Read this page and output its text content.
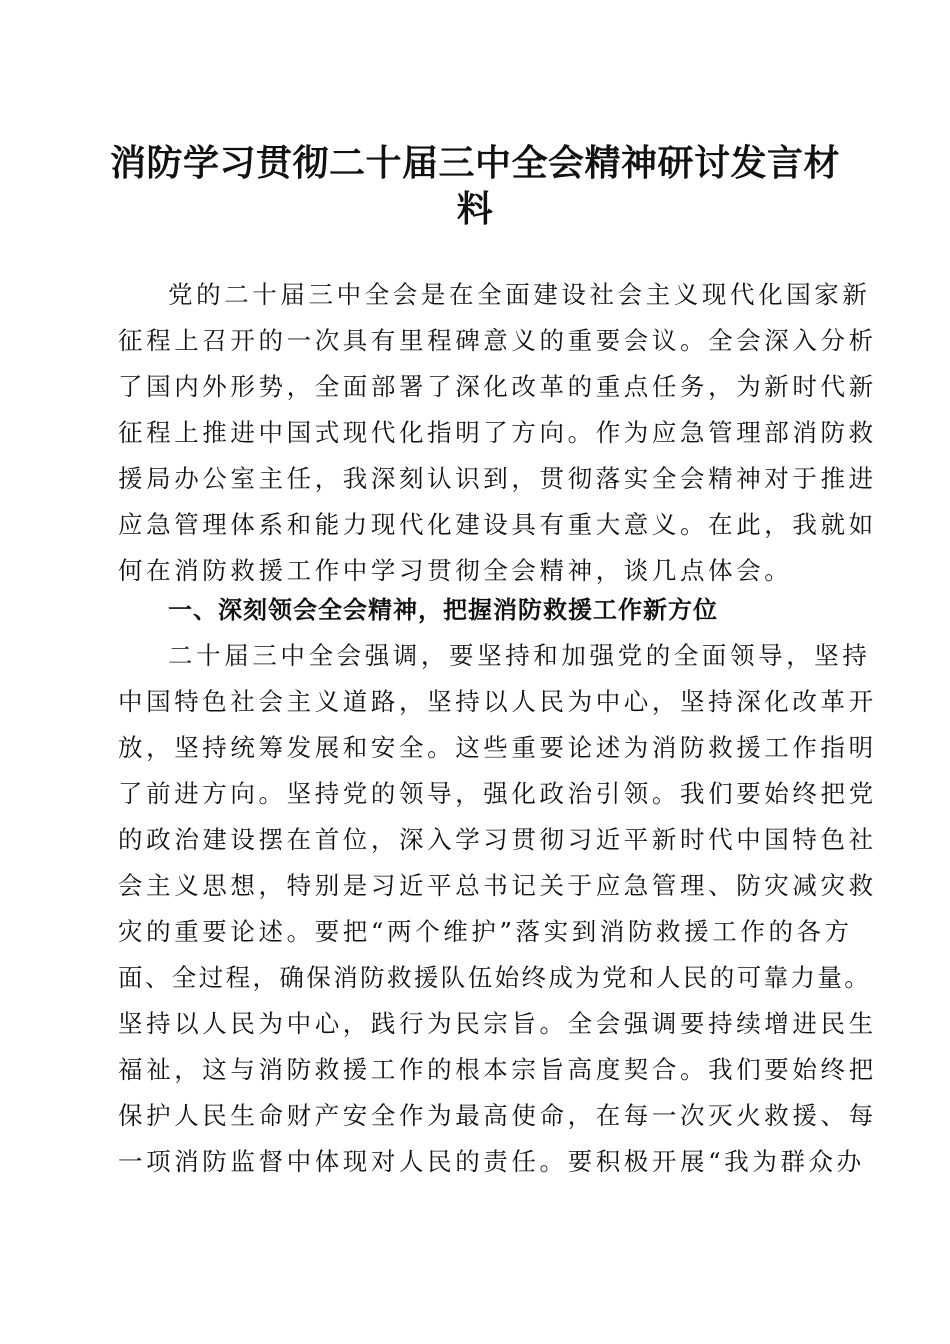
消防学习贯彻二十届三中全会精神研讨发言材
料

党的二十届三中全会是在全面建设社会主义现代化国家新

征程上召开的一次具有里程碑意义的重要会议。全会深入分析

了国内外形势，全面部署了深化改革的重点任务，为新时代新

征程上推进中国式现代化指明了方向。作为应急管理部消防救

援局办公室主任，我深刻认识到，贯彻落实全会精神对于推进

应急管理体系和能力现代化建设具有重大意义。在此，我就如

何在消防救援工作中学习贯彻全会精神，谈几点体会。

一、深刻领会全会精神，把握消防救援工作新方位

二十届三中全会强调，要坚持和加强党的全面领导，坚持

中国特色社会主义道路，坚持以人民为中心，坚持深化改革开

放，坚持统筹发展和安全。这些重要论述为消防救援工作指明

了前进方向。坚持党的领导，强化政治引领。我们要始终把党

的政治建设摆在首位，深入学习贯彻习近平新时代中国特色社

会主义思想，特别是习近平总书记关于应急管理、防灾减灾救

灾的重要论述。要把“两个维护”落实到消防救援工作的各方

面、全过程，确保消防救援队伍始终成为党和人民的可靠力量。

坚持以人民为中心，践行为民宗旨。全会强调要持续增进民生

福祉，这与消防救援工作的根本宗旨高度契合。我们要始终把

保护人民生命财产安全作为最高使命，在每一次灭火救援、每

一项消防监督中体现对人民的责任。要积极开展“我为群众办
